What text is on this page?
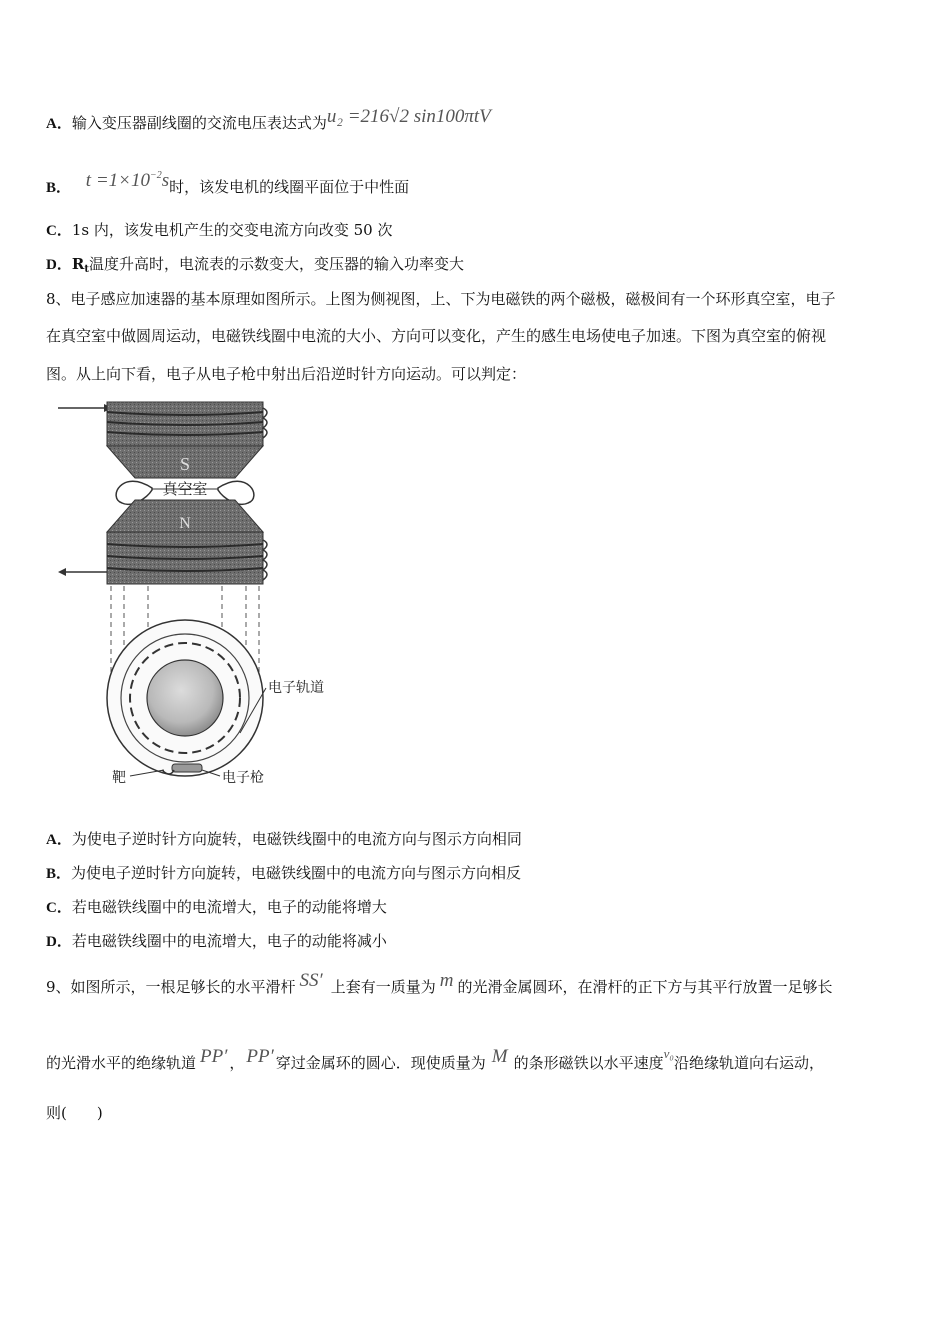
A．输入变压器副线圈的交流电压表达式为u₂ =216√2 sin100πtV
B． $t =1\times 10^{-2}s$时，该发电机的线圈平面位于中性面
C．1s 内，该发电机产生的交变电流方向改变 50 次
D．$R_t$温度升高时，电流表的示数变大，变压器的输入功率变大
8、电子感应加速器的基本原理如图所示。上图为侧视图，上、下为电磁铁的两个磁极，磁极间有一个环形真空室，电子
在真空室中做圆周运动，电磁铁线圈中电流的大小、方向可以变化，产生的感生电场使电子加速。下图为真空室的俯视
图。从上向下看，电子从电子枪中射出后沿逆时针方向运动。可以判定：
S
真空室
N
电子轨道
靶	电子枪
A．为使电子逆时针方向旋转，电磁铁线圈中的电流方向与图示方向相同
B．为使电子逆时针方向旋转，电磁铁线圈中的电流方向与图示方向相反
C．若电磁铁线圈中的电流增大，电子的动能将增大
D．若电磁铁线圈中的电流增大，电子的动能将减小
9、如图所示，一根足够长的水平滑杆 SS′ 上套有一质量为 m 的光滑金属圆环，在滑杆的正下方与其平行放置一足够长
的光滑水平的绝缘轨道 PP′ ， PP′ 穿过金属环的圆心．现使质量为 M 的条形磁铁以水平速度v₀沿绝缘轨道向右运动，
则(　　)
